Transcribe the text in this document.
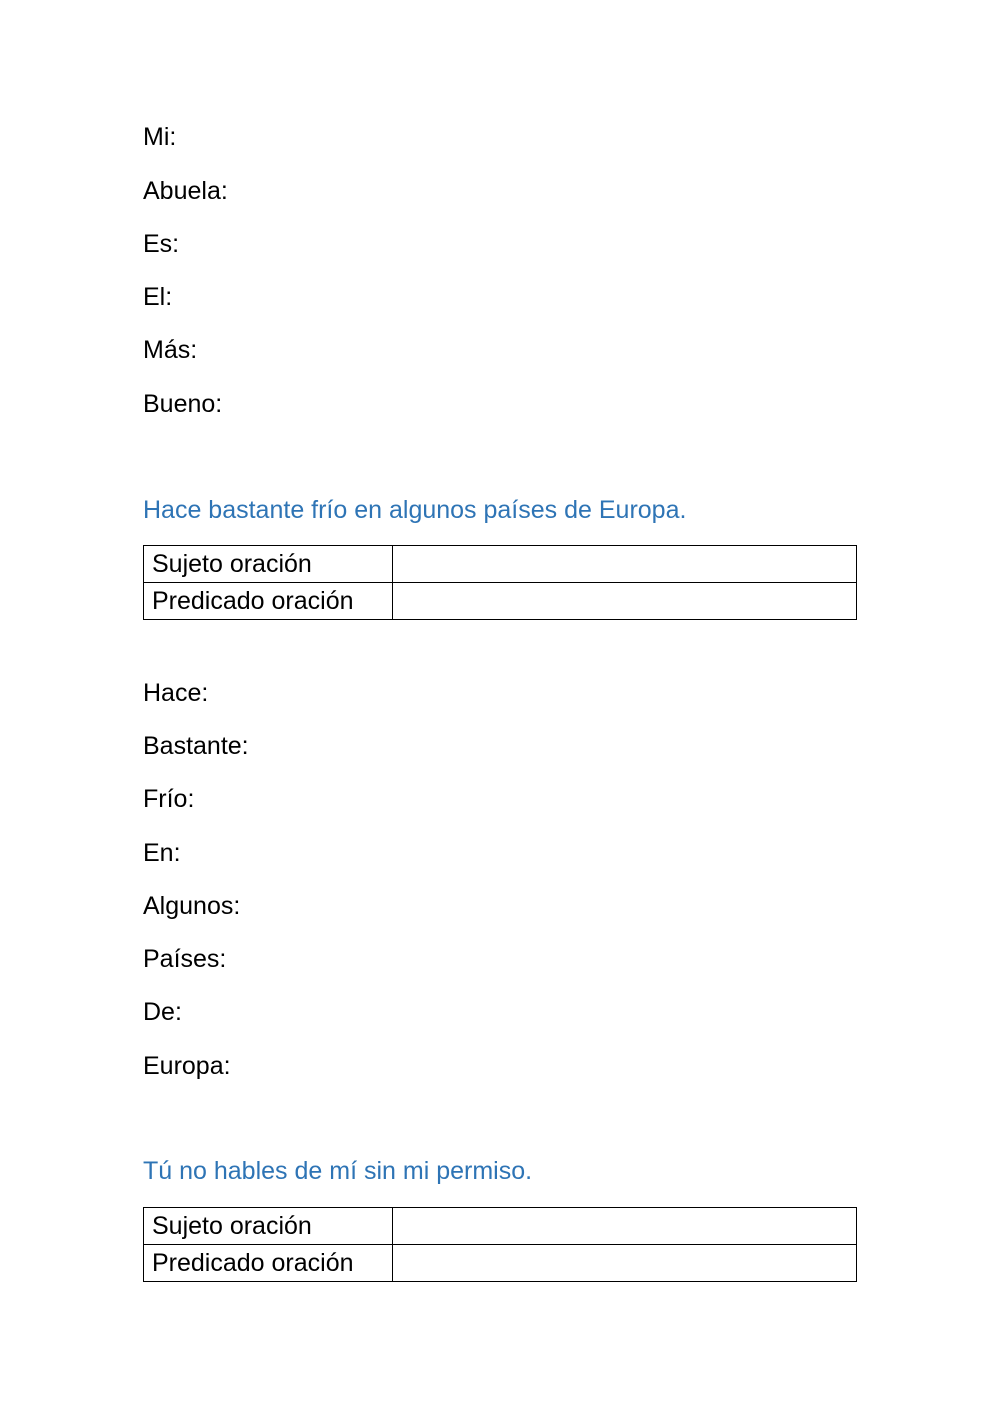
Mi:
Abuela:
Es:
El:
Más:
Bueno:
Hace bastante frío en algunos países de Europa.
Sujeto oración	
Predicado oración	
Hace:
Bastante:
Frío:
En:
Algunos:
Países:
De:
Europa:
Tú no hables de mí sin mi permiso.
Sujeto oración	
Predicado oración	
